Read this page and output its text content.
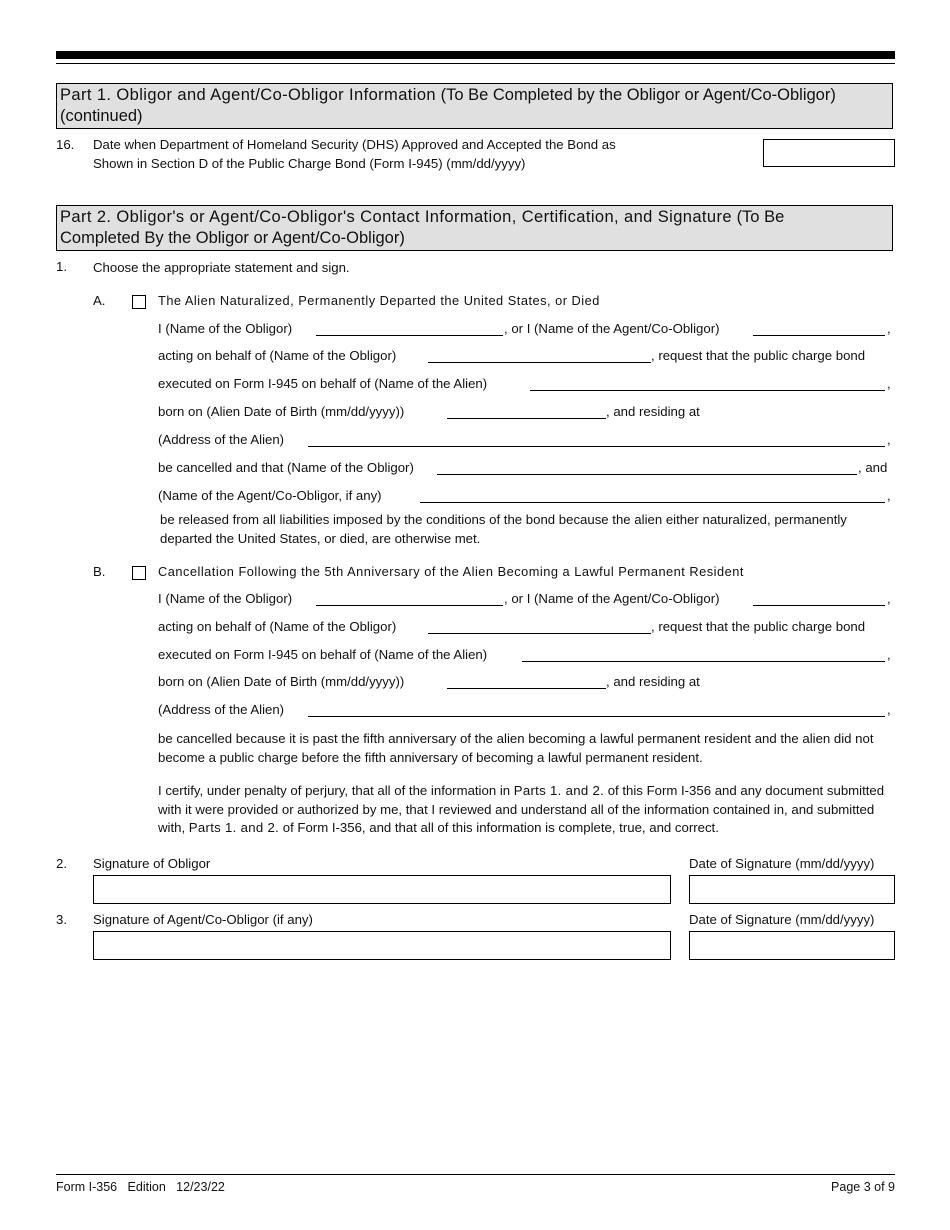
Part 1. Obligor and Agent/Co-Obligor Information (To Be Completed by the Obligor or Agent/Co-Obligor)
(continued)
16. Date when Department of Homeland Security (DHS) Approved and Accepted the Bond as
Shown in Section D of the Public Charge Bond (Form I-945) (mm/dd/yyyy)
Part 2. Obligor's or Agent/Co-Obligor's Contact Information, Certification, and Signature (To Be
Completed By the Obligor or Agent/Co-Obligor)
1. Choose the appropriate statement and sign.
A.	The Alien Naturalized, Permanently Departed the United States, or Died
I (Name of the Obligor)	, or I (Name of the Agent/Co-Obligor)	,
acting on behalf of (Name of the Obligor)	, request that the public charge bond
executed on Form I-945 on behalf of (Name of the Alien)	,
born on (Alien Date of Birth (mm/dd/yyyy))	, and residing at
(Address of the Alien)	,
be cancelled and that (Name of the Obligor)	, and
(Name of the Agent/Co-Obligor, if any)	,
be released from all liabilities imposed by the conditions of the bond because the alien either naturalized, permanently departed the United States, or died, are otherwise met.
B.	Cancellation Following the 5th Anniversary of the Alien Becoming a Lawful Permanent Resident
I (Name of the Obligor)	, or I (Name of the Agent/Co-Obligor)	,
acting on behalf of (Name of the Obligor)	, request that the public charge bond
executed on Form I-945 on behalf of (Name of the Alien)	,
born on (Alien Date of Birth (mm/dd/yyyy))	, and residing at
(Address of the Alien)	,
be cancelled because it is past the fifth anniversary of the alien becoming a lawful permanent resident and the alien did not become a public charge before the fifth anniversary of becoming a lawful permanent resident.
I certify, under penalty of perjury, that all of the information in Parts 1. and 2. of this Form I-356 and any document submitted with it were provided or authorized by me, that I reviewed and understand all of the information contained in, and submitted with, Parts 1. and 2. of Form I-356, and that all of this information is complete, true, and correct.
2. Signature of Obligor	Date of Signature (mm/dd/yyyy)
3. Signature of Agent/Co-Obligor (if any)	Date of Signature (mm/dd/yyyy)
Form I-356   Edition   12/23/22	Page 3 of 9
